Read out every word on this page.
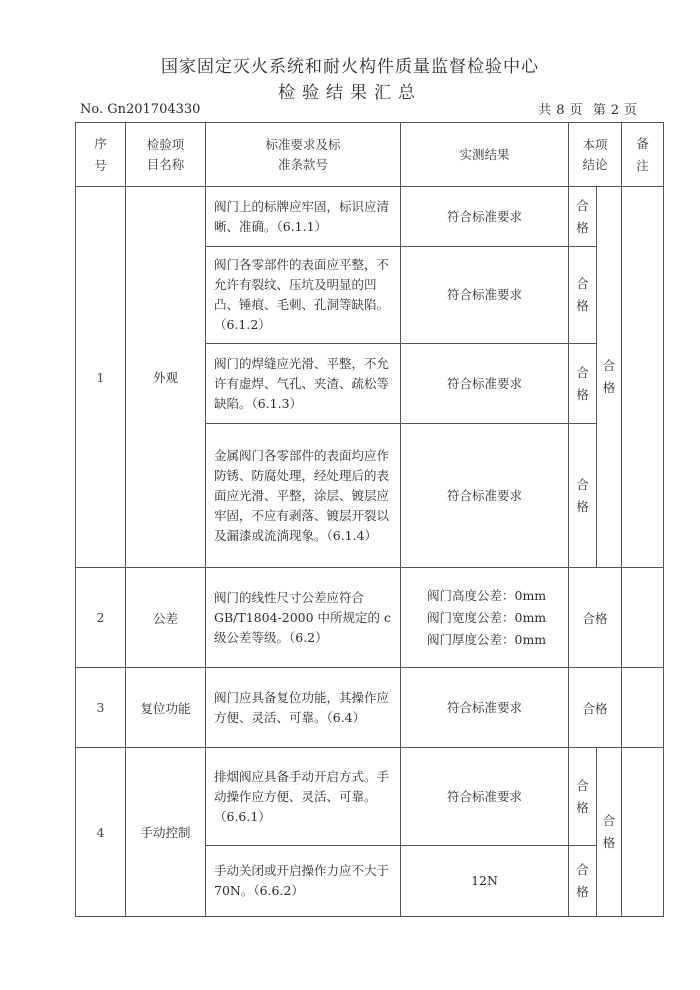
国家固定灭火系统和耐火构件质量监督检验中心
检验结果汇总
No. Gn201704330	共 8 页 第 2 页
序号	检验项目名称	标准要求及标准条款号	实测结果	本项结论		备注

1	外观	阀门上的标牌应牢固，标识应清晰、准确。（6.1.1）	符合标准要求	合格	合格	

		阀门各零部件的表面应平整，不允许有裂纹、压坑及明显的凹凸、锤痕、毛刺、孔洞等缺陷。（6.1.2）	符合标准要求	合格		

		阀门的焊缝应光滑、平整，不允许有虚焊、气孔、夹渣、疏松等缺陷。（6.1.3）	符合标准要求	合格		

		金属阀门各零部件的表面均应作防锈、防腐处理，经处理后的表面应光滑、平整，涂层、镀层应牢固，不应有剥落、镀层开裂以及漏漆或流淌现象。（6.1.4）	符合标准要求	合格		

2	公差	阀门的线性尺寸公差应符合GB/T1804-2000 中所规定的 c 级公差等级。（6.2）	阀门高度公差：0mm
阀门宽度公差：0mm
阀门厚度公差：0mm	合格		
3	复位功能	阀门应具备复位功能，其操作应方便、灵活、可靠。（6.4）	符合标准要求	合格		
4	手动控制	排烟阀应具备手动开启方式。手动操作应方便、灵活、可靠。（6.6.1）	符合标准要求	合格	合格	

		手动关闭或开启操作力应不大于 70N。（6.6.2）	12N	合格		
